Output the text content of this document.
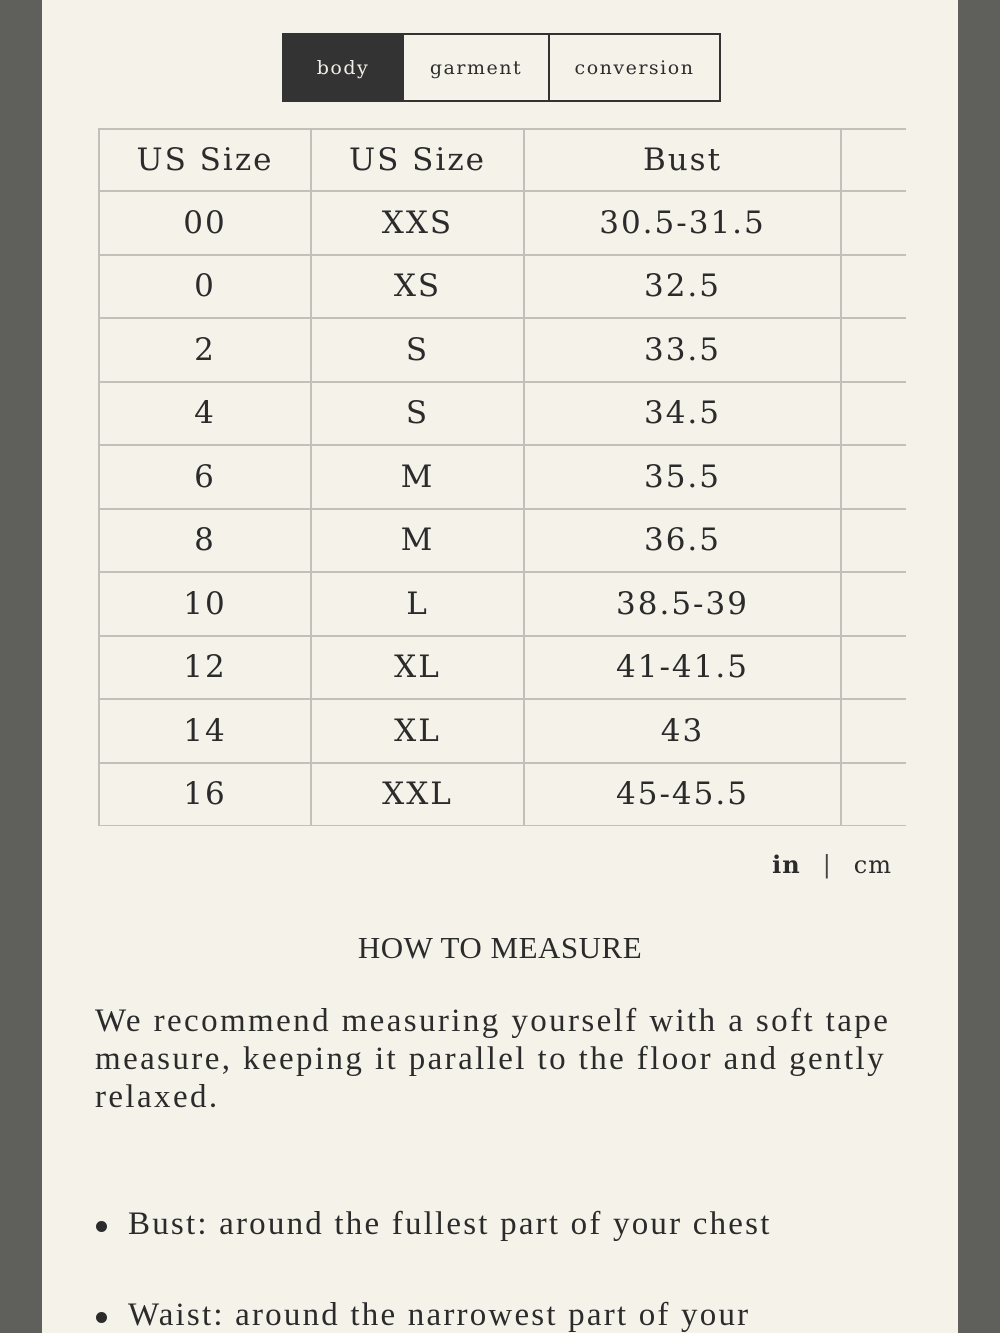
body	garment	conversion
US Size	US Size	Bust	
00	XXS	30.5-31.5	
0	XS	32.5	
2	S	33.5	
4	S	34.5	
6	M	35.5	
8	M	36.5	
10	L	38.5-39	
12	XL	41-41.5	
14	XL	43	
16	XXL	45-45.5	
in | cm
HOW TO MEASURE
We recommend measuring yourself with a soft tape measure, keeping it parallel to the floor and gently relaxed.
Bust: around the fullest part of your chest
Waist: around the narrowest part of your
